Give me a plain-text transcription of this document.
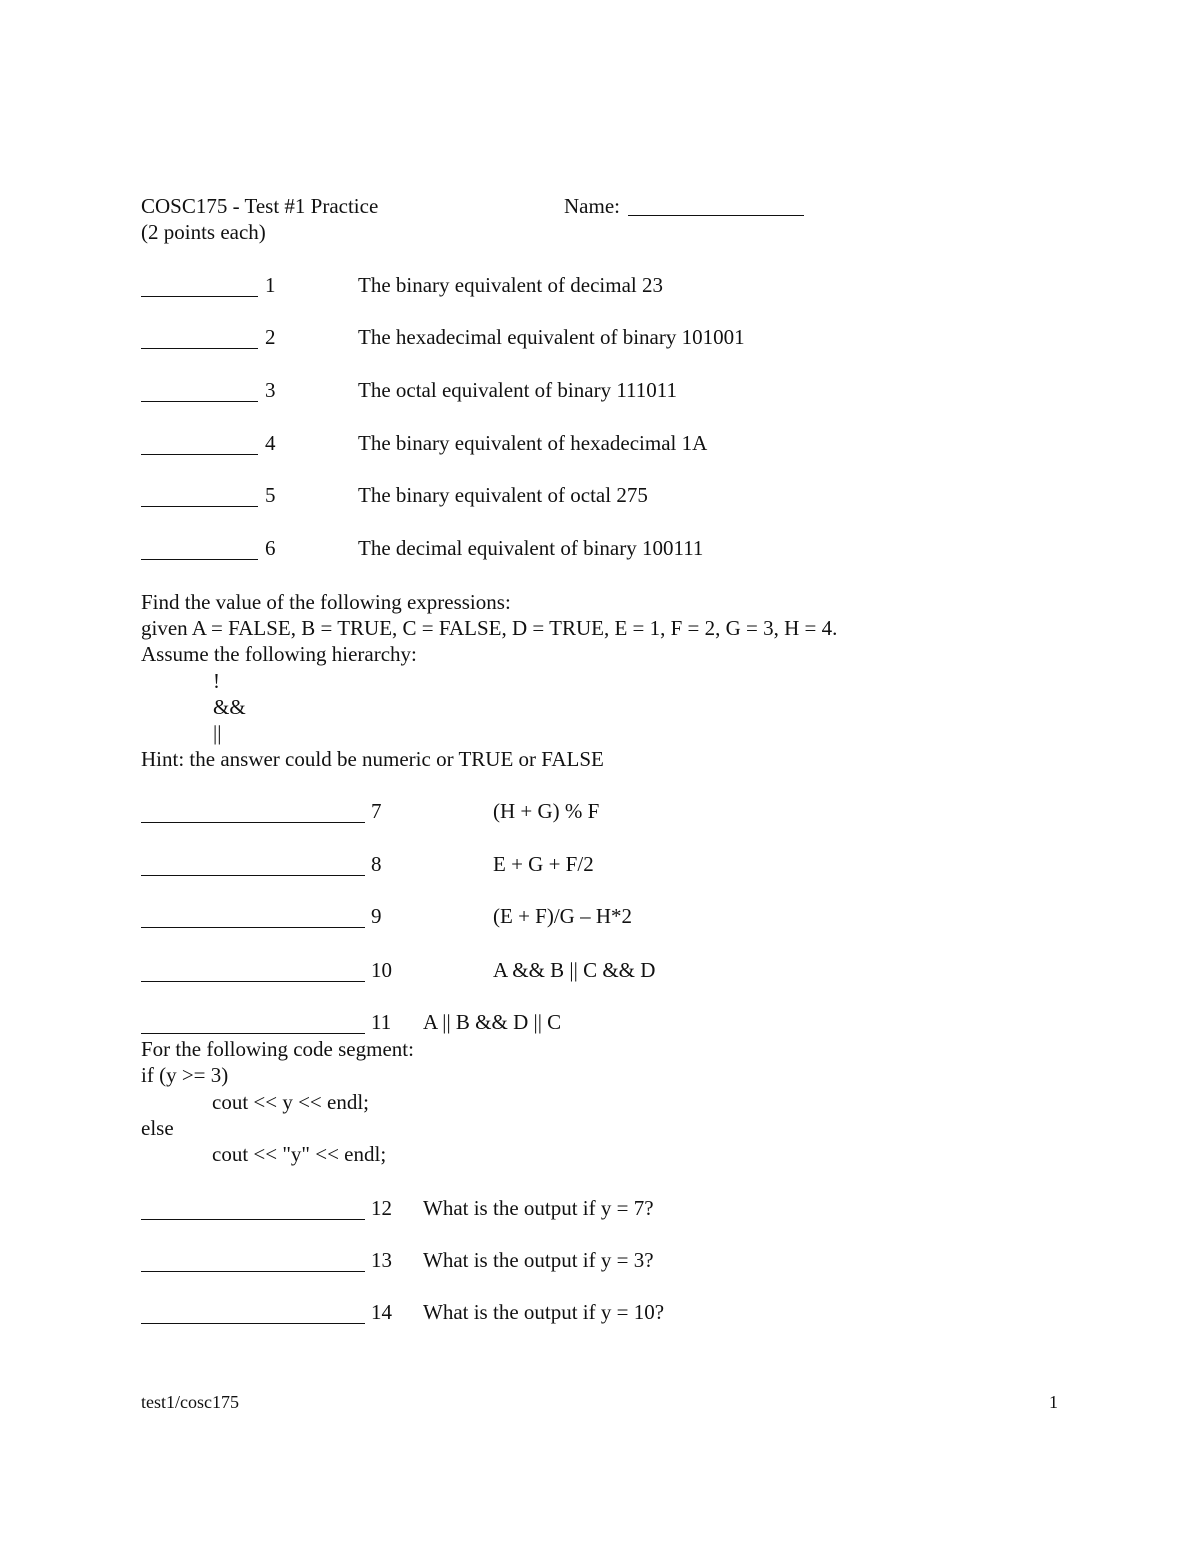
COSC175 - Test #1 Practice	Name:
(2 points each)
1	The binary equivalent of decimal 23
2	The hexadecimal equivalent of binary 101001
3	The octal equivalent of binary 111011
4	The binary equivalent of hexadecimal 1A
5	The binary equivalent of octal 275
6	The decimal equivalent of binary 100111
Find the value of the following expressions:
given A = FALSE, B = TRUE, C = FALSE, D = TRUE, E = 1, F = 2, G = 3, H = 4.
Assume the following hierarchy:
!
&&
||
Hint: the answer could be numeric or TRUE or FALSE
7	(H + G) % F
8	E + G + F/2
9	(E + F)/G – H*2
10	A && B || C && D
11 A || B && D || C
For the following code segment:
if (y >= 3)
cout << y << endl;
else
cout << "y" << endl;
12 What is the output if y = 7?
13 What is the output if y = 3?
14 What is the output if y = 10?
test1/cosc175	1
